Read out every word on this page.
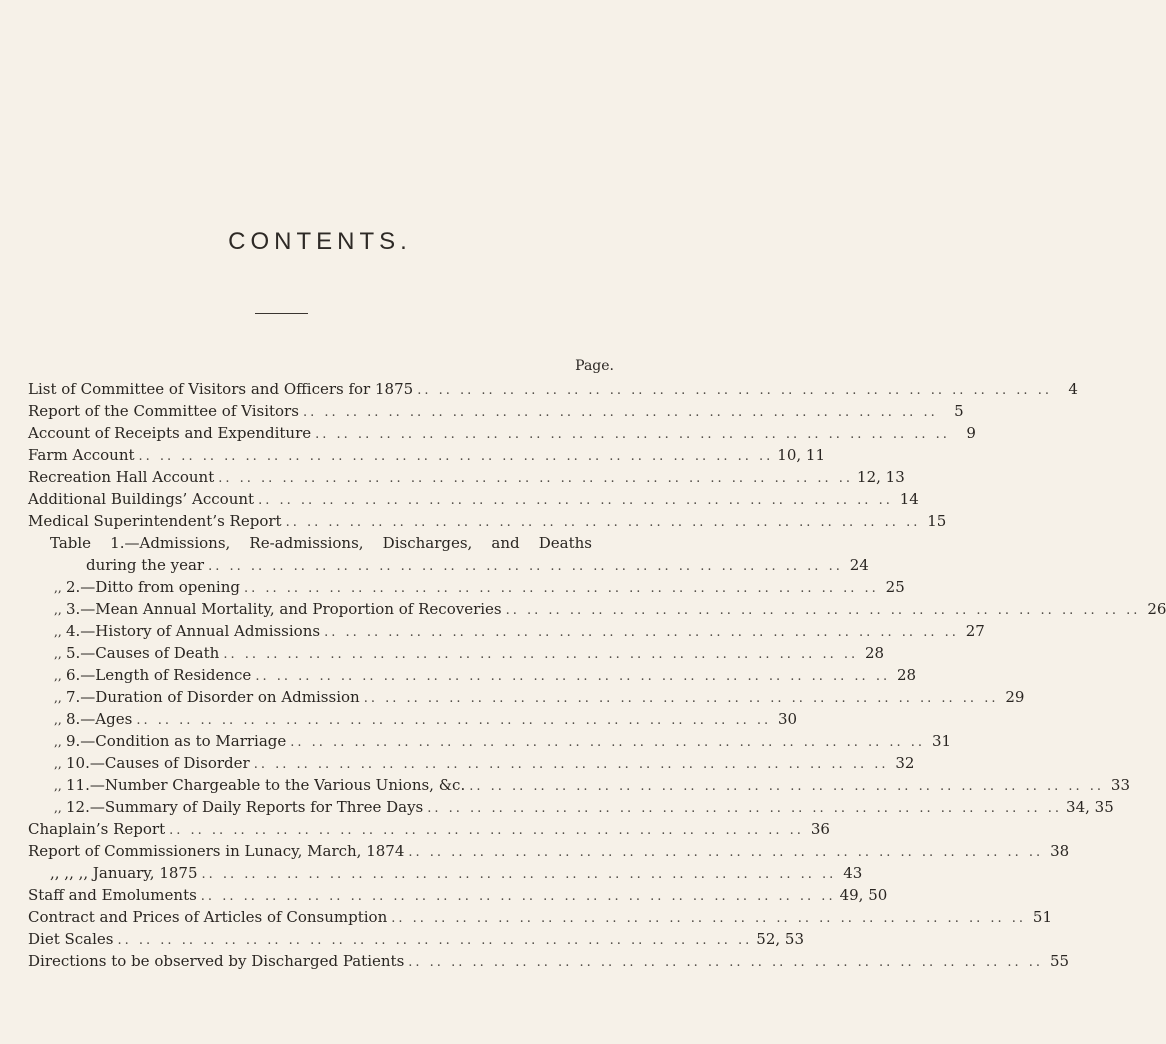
CONTENTS.
Page.
List of Committee of Visitors and Officers for 1875 .. .. .. .. .. .. .. .. .. .. .. .. .. .. .. .. .. .. .. .. .. .. .. .. .. .. .. .. .. ..	4
Report of the Committee of Visitors .. .. .. .. .. .. .. .. .. .. .. .. .. .. .. .. .. .. .. .. .. .. .. .. .. .. .. .. .. ..	5
Account of Receipts and Expenditure .. .. .. .. .. .. .. .. .. .. .. .. .. .. .. .. .. .. .. .. .. .. .. .. .. .. .. .. .. ..	9
Farm Account .. .. .. .. .. .. .. .. .. .. .. .. .. .. .. .. .. .. .. .. .. .. .. .. .. .. .. .. .. .. 10, 11
Recreation Hall Account .. .. .. .. .. .. .. .. .. .. .. .. .. .. .. .. .. .. .. .. .. .. .. .. .. .. .. .. .. .. 12, 13
Additional Buildings’ Account .. .. .. .. .. .. .. .. .. .. .. .. .. .. .. .. .. .. .. .. .. .. .. .. .. .. .. .. .. .. 14
Medical Superintendent’s Report .. .. .. .. .. .. .. .. .. .. .. .. .. .. .. .. .. .. .. .. .. .. .. .. .. .. .. .. .. .. 15
Table 1.—Admissions, Re-admissions, Discharges, and Deaths
during the year .. .. .. .. .. .. .. .. .. .. .. .. .. .. .. .. .. .. .. .. .. .. .. .. .. .. .. .. .. .. 24
,, 2.—Ditto from opening .. .. .. .. .. .. .. .. .. .. .. .. .. .. .. .. .. .. .. .. .. .. .. .. .. .. .. .. .. .. 25
,, 3.—Mean Annual Mortality, and Proportion of Recoveries .. .. .. .. .. .. .. .. .. .. .. .. .. .. .. .. .. .. .. .. .. .. .. .. .. .. .. .. .. .. 26
,, 4.—History of Annual Admissions .. .. .. .. .. .. .. .. .. .. .. .. .. .. .. .. .. .. .. .. .. .. .. .. .. .. .. .. .. .. 27
,, 5.—Causes of Death .. .. .. .. .. .. .. .. .. .. .. .. .. .. .. .. .. .. .. .. .. .. .. .. .. .. .. .. .. .. 28
,, 6.—Length of Residence .. .. .. .. .. .. .. .. .. .. .. .. .. .. .. .. .. .. .. .. .. .. .. .. .. .. .. .. .. .. 28
,, 7.—Duration of Disorder on Admission .. .. .. .. .. .. .. .. .. .. .. .. .. .. .. .. .. .. .. .. .. .. .. .. .. .. .. .. .. .. 29
,, 8.—Ages .. .. .. .. .. .. .. .. .. .. .. .. .. .. .. .. .. .. .. .. .. .. .. .. .. .. .. .. .. .. 30
,, 9.—Condition as to Marriage .. .. .. .. .. .. .. .. .. .. .. .. .. .. .. .. .. .. .. .. .. .. .. .. .. .. .. .. .. .. 31
,, 10.—Causes of Disorder .. .. .. .. .. .. .. .. .. .. .. .. .. .. .. .. .. .. .. .. .. .. .. .. .. .. .. .. .. .. 32
,, 11.—Number Chargeable to the Various Unions, &c. .. .. .. .. .. .. .. .. .. .. .. .. .. .. .. .. .. .. .. .. .. .. .. .. .. .. .. .. .. .. 33
,, 12.—Summary of Daily Reports for Three Days .. .. .. .. .. .. .. .. .. .. .. .. .. .. .. .. .. .. .. .. .. .. .. .. .. .. .. .. .. .. 34, 35
Chaplain’s Report .. .. .. .. .. .. .. .. .. .. .. .. .. .. .. .. .. .. .. .. .. .. .. .. .. .. .. .. .. .. 36
Report of Commissioners in Lunacy, March, 1874 .. .. .. .. .. .. .. .. .. .. .. .. .. .. .. .. .. .. .. .. .. .. .. .. .. .. .. .. .. .. 38
,, ,, ,, January, 1875 .. .. .. .. .. .. .. .. .. .. .. .. .. .. .. .. .. .. .. .. .. .. .. .. .. .. .. .. .. .. 43
Staff and Emoluments .. .. .. .. .. .. .. .. .. .. .. .. .. .. .. .. .. .. .. .. .. .. .. .. .. .. .. .. .. .. 49, 50
Contract and Prices of Articles of Consumption .. .. .. .. .. .. .. .. .. .. .. .. .. .. .. .. .. .. .. .. .. .. .. .. .. .. .. .. .. .. 51
Diet Scales .. .. .. .. .. .. .. .. .. .. .. .. .. .. .. .. .. .. .. .. .. .. .. .. .. .. .. .. .. .. 52, 53
Directions to be observed by Discharged Patients .. .. .. .. .. .. .. .. .. .. .. .. .. .. .. .. .. .. .. .. .. .. .. .. .. .. .. .. .. .. 55
